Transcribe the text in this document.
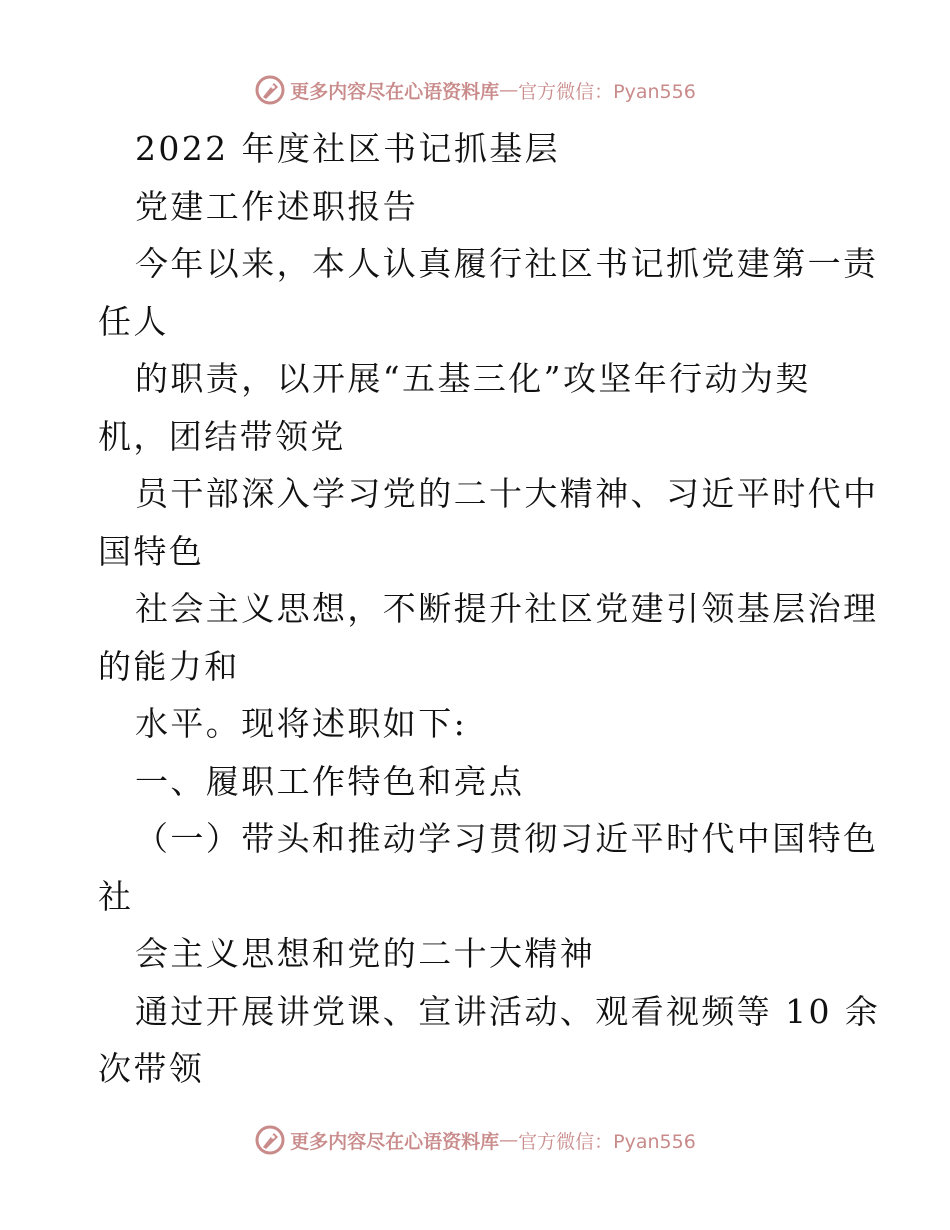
更多内容尽在心语资料库 — 官方微信：Pyan556
2022 年度社区书记抓基层
党建工作述职报告
今年以来，本人认真履行社区书记抓党建第一责
任人
的职责，以开展“五基三化”攻坚年行动为契
机，团结带领党
员干部深入学习党的二十大精神、习近平时代中
国特色
社会主义思想，不断提升社区党建引领基层治理
的能力和
水平。现将述职如下:
一、履职工作特色和亮点
（一）带头和推动学习贯彻习近平时代中国特色
社
会主义思想和党的二十大精神
通过开展讲党课、宣讲活动、观看视频等 10 余
次带领
更多内容尽在心语资料库 — 官方微信：Pyan556
